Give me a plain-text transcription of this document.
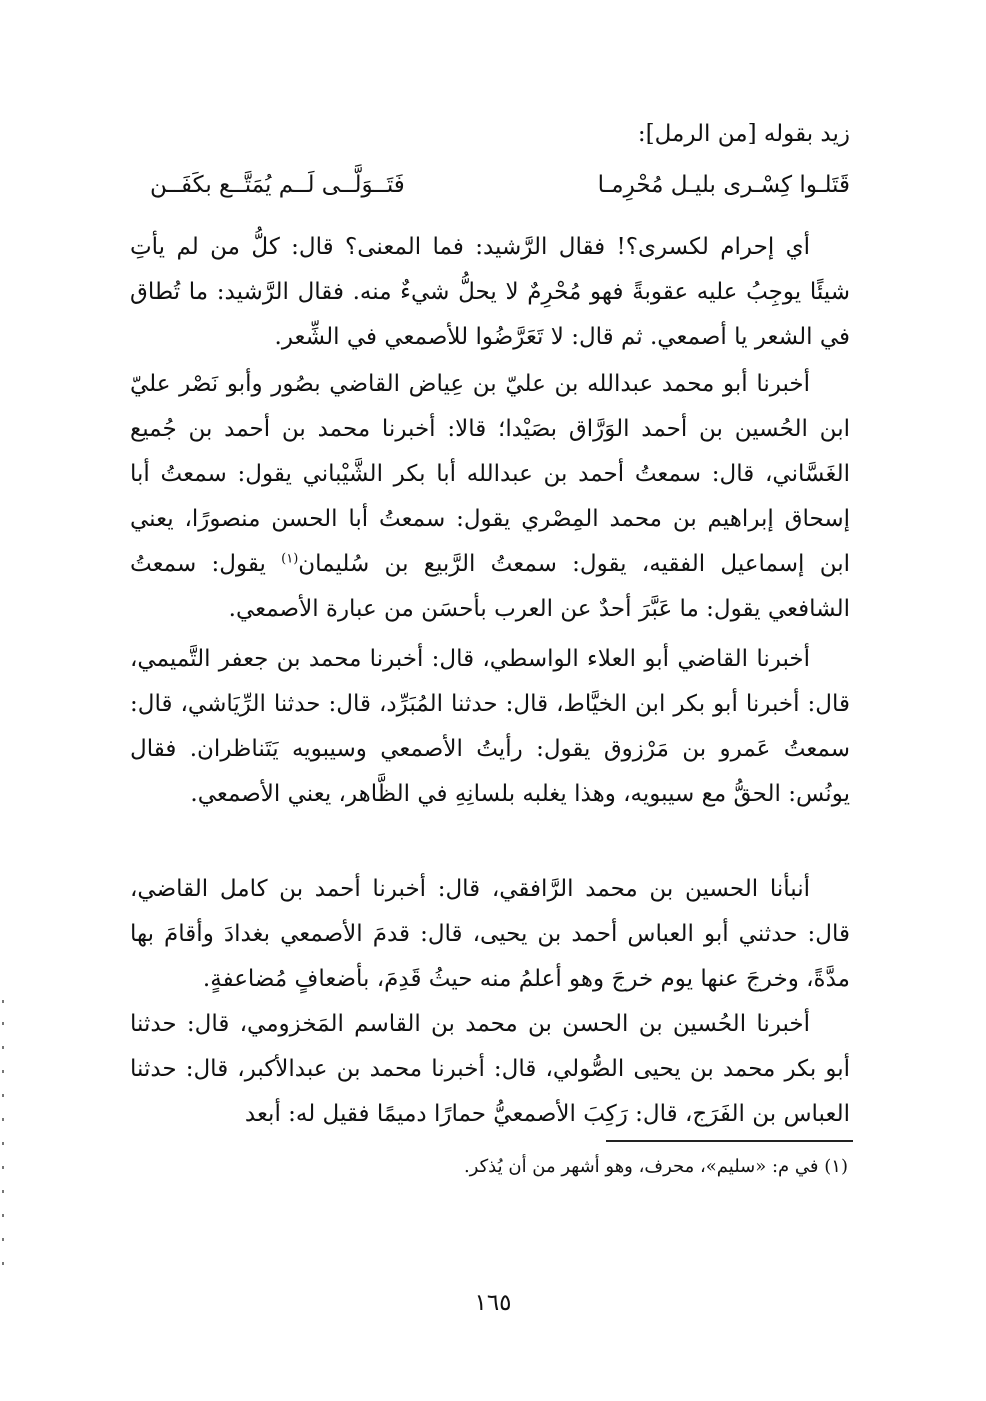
زيد بقوله [من الرمل]:
قَتَلـوا كِسْـرى بليـل مُحْرِمـا
فَتَــوَلَّــى لَــم يُمَتَّــع بكَفَــن
أي إحرام لكسرى؟! فقال الرَّشيد: فما المعنى؟ قال: كلُّ من لم يأتِ شيئًا يوجِبُ عليه عقوبةً فهو مُحْرِمٌ لا يحلُّ شيءٌ منه. فقال الرَّشيد: ما تُطاق في الشعر يا أصمعي. ثم قال: لا تَعَرَّضُوا للأصمعي في الشِّعر.
أخبرنا أبو محمد عبدالله بن عليّ بن عِياض القاضي بصُور وأبو نَصْر عليّ ابن الحُسين بن أحمد الوَرَّاق بصَيْدا؛ قالا: أخبرنا محمد بن أحمد بن جُميع الغَسَّاني، قال: سمعتُ أحمد بن عبدالله أبا بكر الشَّيْباني يقول: سمعتُ أبا إسحاق إبراهيم بن محمد المِصْري يقول: سمعتُ أبا الحسن منصورًا، يعني ابن إسماعيل الفقيه، يقول: سمعتُ الرَّبيع بن سُليمان$^{(١)}$ يقول: سمعتُ الشافعي يقول: ما عَبَّرَ أحدٌ عن العرب بأحسَن من عبارة الأصمعي.
أخبرنا القاضي أبو العلاء الواسطي، قال: أخبرنا محمد بن جعفر التَّميمي، قال: أخبرنا أبو بكر ابن الخيَّاط، قال: حدثنا المُبَرِّد، قال: حدثنا الرِّيَاشي، قال: سمعتُ عَمرو بن مَرْزوق يقول: رأيتُ الأصمعي وسيبويه يَتَناظران. فقال يونُس: الحقُّ مع سيبويه، وهذا يغلبه بلسانِهِ في الظَّاهر، يعني الأصمعي.
أنبأنا الحسين بن محمد الرَّافقي، قال: أخبرنا أحمد بن كامل القاضي، قال: حدثني أبو العباس أحمد بن يحيى، قال: قدمَ الأصمعي بغدادَ وأقامَ بها مدَّةً، وخرجَ عنها يوم خرجَ وهو أعلمُ منه حيثُ قَدِمَ، بأضعافٍ مُضاعفةٍ.
أخبرنا الحُسين بن الحسن بن محمد بن القاسم المَخزومي، قال: حدثنا أبو بكر محمد بن يحيى الصُّولي، قال: أخبرنا محمد بن عبدالأكبر، قال: حدثنا العباس بن الفَرَج، قال: رَكِبَ الأصمعيُّ حمارًا دميمًا فقيل له: أبعد
(١) في م: «سليم»، محرف، وهو أشهر من أن يُذكر.
١٦٥
